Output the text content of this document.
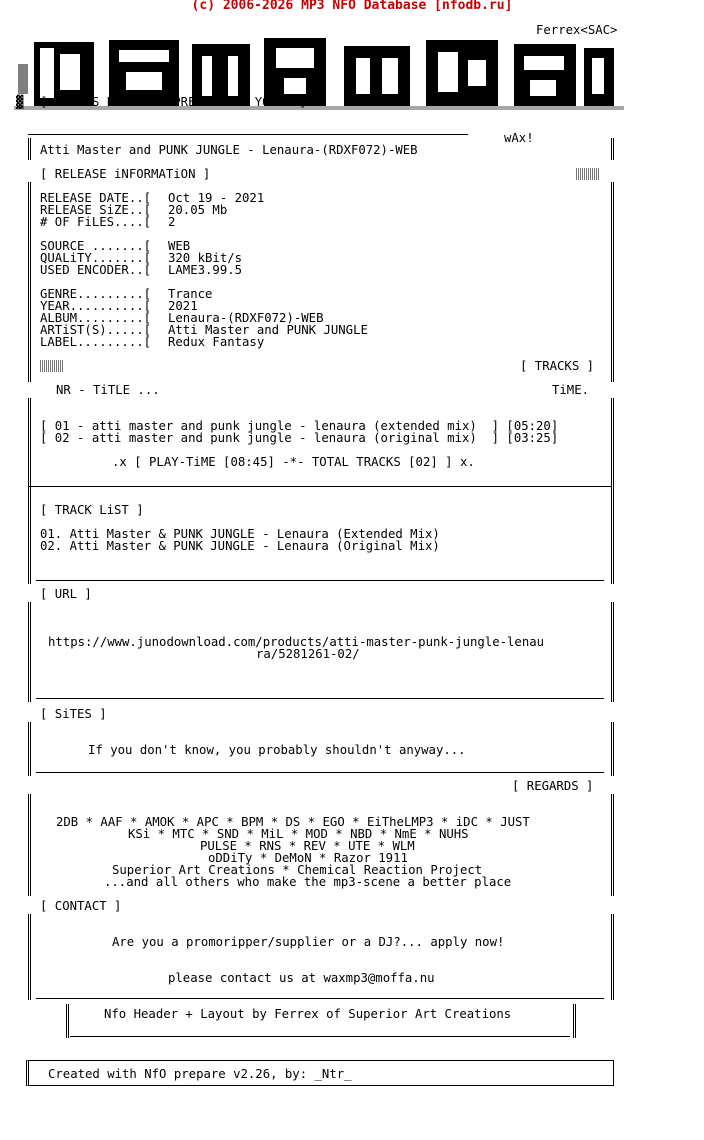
(c) 2006-2026 MP3 NFO Database [nfodb.ru]
Ferrex<SAC>
▓ [ wAx iS PROUD TO PRESENT TO YOU ..]
wAx!
Atti Master and PUNK JUNGLE - Lenaura-(RDXF072)-WEB
[ RELEASE iNFORMATiON ]
RELEASE DATE..[ Oct 19 - 2021
RELEASE SiZE..[ 20.05 Mb
# OF FiLES....[ 2
SOURCE .......[ WEB
QUALiTY.......[ 320 kBit/s
USED ENCODER..[ LAME3.99.5
GENRE.........[ Trance
YEAR..........[ 2021
ALBUM.........[ Lenaura-(RDXF072)-WEB
ARTiST(S).....[ Atti Master and PUNK JUNGLE
LABEL.........[ Redux Fantasy
[ TRACKS ]
NR - TiTLE ...	TiME.
[ 01 - atti master and punk jungle - lenaura (extended mix)  ] [05:20]
[ 02 - atti master and punk jungle - lenaura (original mix)  ] [03:25]
.x [ PLAY-TiME [08:45] -*- TOTAL TRACKS [02] ] x.
[ TRACK LiST ]
01. Atti Master & PUNK JUNGLE - Lenaura (Extended Mix)
02. Atti Master & PUNK JUNGLE - Lenaura (Original Mix)
[ URL ]
https://www.junodownload.com/products/atti-master-punk-jungle-lenau
ra/5281261-02/
[ SiTES ]
If you don't know, you probably shouldn't anyway...
[ REGARDS ]
2DB * AAF * AMOK * APC * BPM * DS * EGO * EiTheLMP3 * iDC * JUST
KSi * MTC * SND * MiL * MOD * NBD * NmE * NUHS
PULSE * RNS * REV * UTE * WLM
oDDiTy * DeMoN * Razor 1911
Superior Art Creations * Chemical Reaction Project
...and all others who make the mp3-scene a better place
[ CONTACT ]
Are you a promoripper/supplier or a DJ?... apply now!
please contact us at waxmp3@moffa.nu
Nfo Header + Layout by Ferrex of Superior Art Creations
Created with NfO prepare v2.26, by: _Ntr_
